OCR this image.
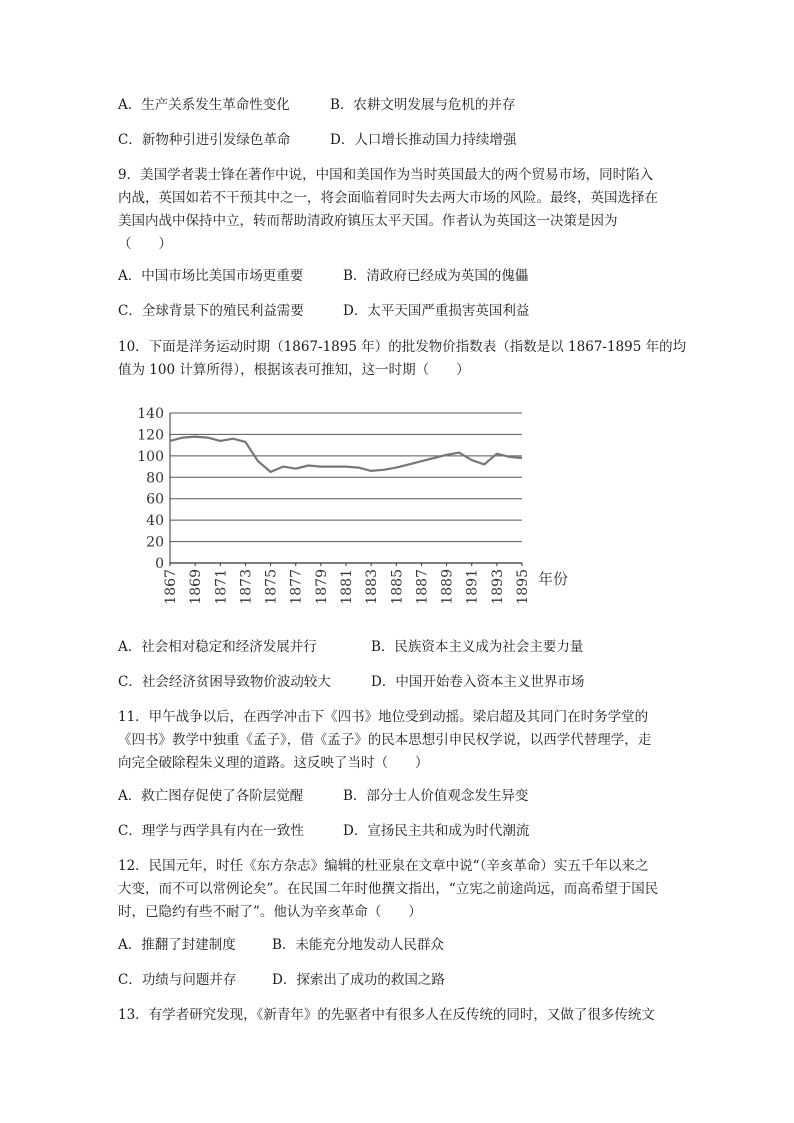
A．生产关系发生革命性变化	B．农耕文明发展与危机的并存
C．新物种引进引发绿色革命	D．人口增长推动国力持续增强
9．美国学者裴士锋在著作中说，中国和美国作为当时英国最大的两个贸易市场，同时陷入
内战，英国如若不干预其中之一，将会面临着同时失去两大市场的风险。最终，英国选择在
美国内战中保持中立，转而帮助清政府镇压太平天国。作者认为英国这一决策是因为
（　　）
A．中国市场比美国市场更重要	B．清政府已经成为英国的傀儡
C．全球背景下的殖民利益需要	D．太平天国严重损害英国利益
10．下面是洋务运动时期（1867-1895 年）的批发物价指数表（指数是以 1867-1895 年的均
值为 100 计算所得），根据该表可推知，这一时期（　　）
0
20
40
60
80
100
120
140
1867 1869 1871 1873 1875 1877 1879 1881 1883 1885 1887 1889 1891 1893 1895 年份
A．社会相对稳定和经济发展并行	B．民族资本主义成为社会主要力量
C．社会经济贫困导致物价波动较大	D．中国开始卷入资本主义世界市场
11．甲午战争以后，在西学冲击下《四书》地位受到动摇。梁启超及其同门在时务学堂的
《四书》教学中独重《孟子》，借《孟子》的民本思想引申民权学说，以西学代替理学，走
向完全破除程朱义理的道路。这反映了当时（　　）
A．救亡图存促使了各阶层觉醒	B．部分士人价值观念发生异变
C．理学与西学具有内在一致性	D．宣扬民主共和成为时代潮流
12．民国元年，时任《东方杂志》编辑的杜亚泉在文章中说“（辛亥革命）实五千年以来之
大变，而不可以常例论矣”。在民国二年时他撰文指出，“立宪之前途尚远，而高希望于国民
时，已隐约有些不耐了”。他认为辛亥革命（　　）
A．推翻了封建制度	B．未能充分地发动人民群众
C．功绩与问题并存	D．探索出了成功的救国之路
13．有学者研究发现，《新青年》的先驱者中有很多人在反传统的同时，又做了很多传统文
